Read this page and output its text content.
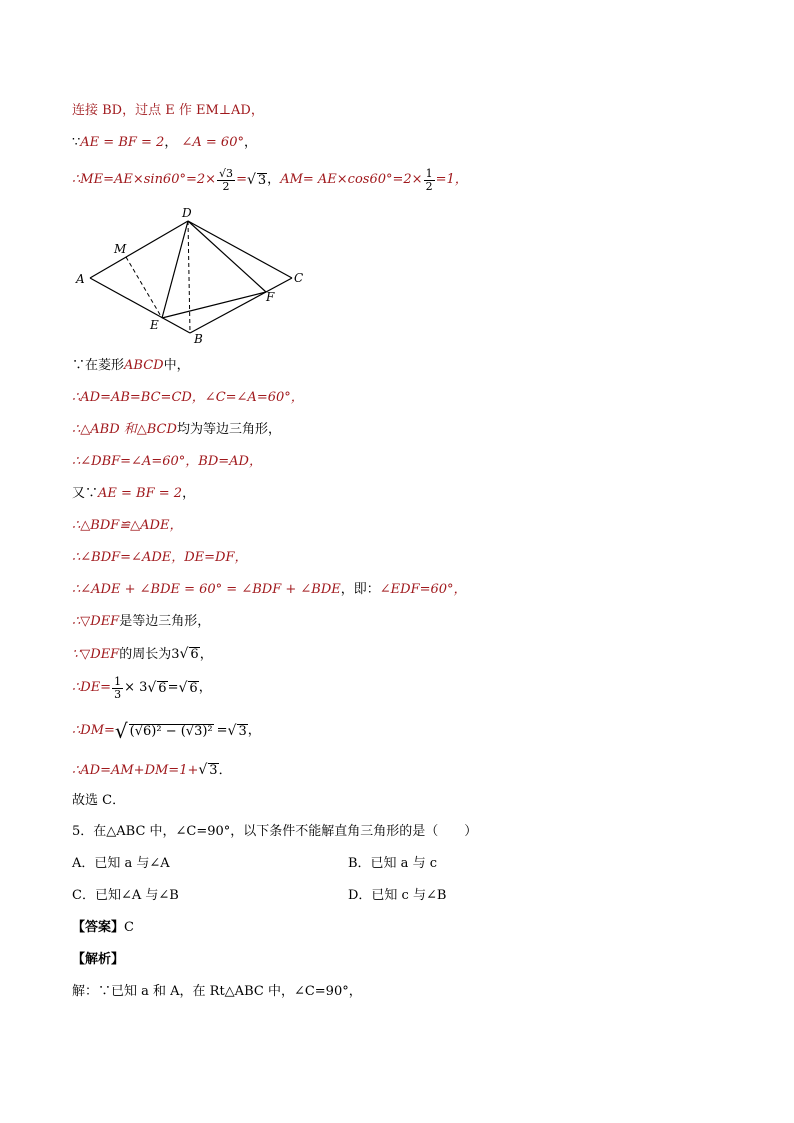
连接 BD，过点 E 作 EM⊥AD，
∵AE = BF = 2， ∠A = 60°，
∴ME=AE×sin60°=2× $\frac{√3}{2}$ = √ 3 ， $AM= AE\times\cos 60^\circ=2\times \frac{1}{2} =1$，
A
D
C
B
E
F
M
∵在菱形ABCD中，
∴AD=AB=BC=CD，∠C=∠A=60°，
∴△ABD 和△BCD均为等边三角形，
∴∠DBF=∠A=60°，BD=AD，
又∵AE = BF = 2，
∴△BDF≌△ADE，
∴∠BDF=∠ADE，DE=DF，
∴∠ADE + ∠BDE = 60° = ∠BDF + ∠BDE，即：∠EDF=60°，
∴▽DEF是等边三角形，
∵▽DEF的周长为3√ 6，
∴DE= $\frac{1}{3} \times 3$ √ 6 = √ 6 ，
∴DM= √ (√6)² − (√3)² = √ 3 ，
∴AD=AM+DM=1+√ 3．
故选 C．
5．在△ABC 中，∠C=90°，以下条件不能解直角三角形的是（　　）
A．已知 a 与∠A	B．已知 a 与 c
C．已知∠A 与∠B	D．已知 c 与∠B
【答案】C
【解析】
解：∵已知 a 和 A，在 Rt△ABC 中，∠C=90°，
